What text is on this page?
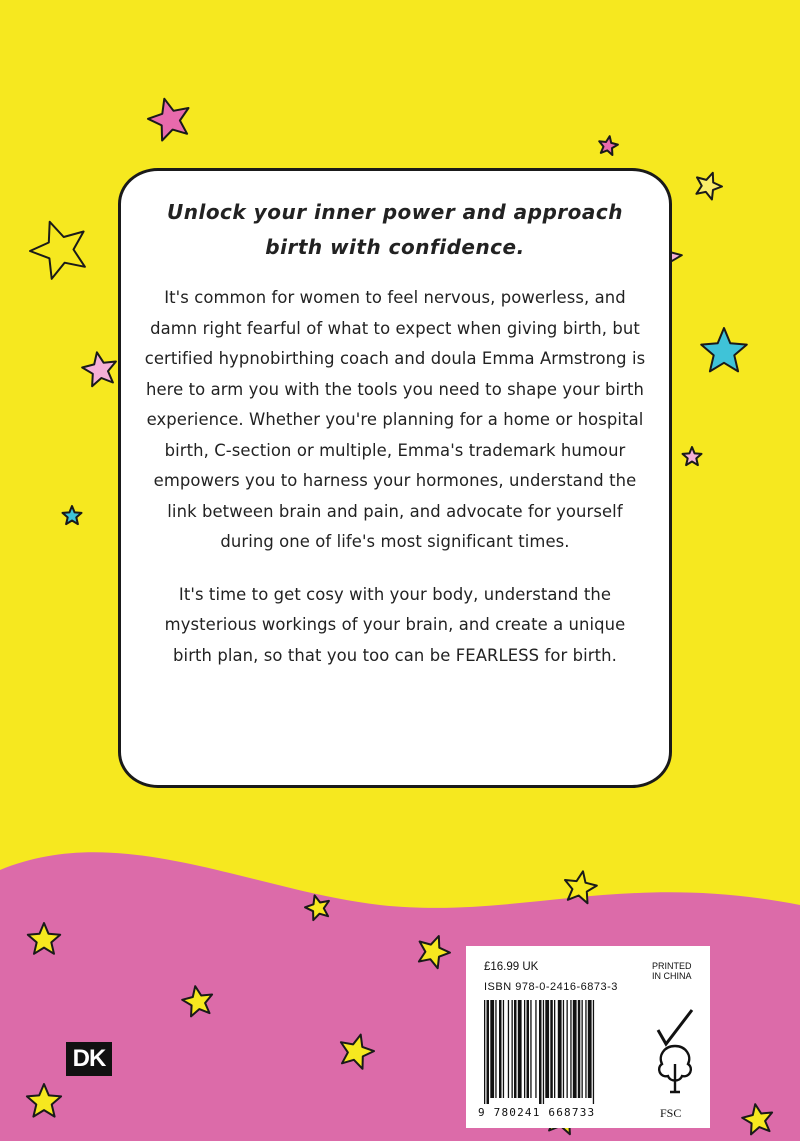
Unlock your inner power and approach birth with confidence.
It's common for women to feel nervous, powerless, and damn right fearful of what to expect when giving birth, but certified hypnobirthing coach and doula Emma Armstrong is here to arm you with the tools you need to shape your birth experience. Whether you're planning for a home or hospital birth, C-section or multiple, Emma's trademark humour empowers you to harness your hormones, understand the link between brain and pain, and advocate for yourself during one of life's most significant times.
It's time to get cosy with your body, understand the mysterious workings of your brain, and create a unique birth plan, so that you too can be FEARLESS for birth.
DK
£16.99 UK	PRINTED IN CHINA
ISBN 978-0-2416-6873-3
9 780241 668733	FSC
